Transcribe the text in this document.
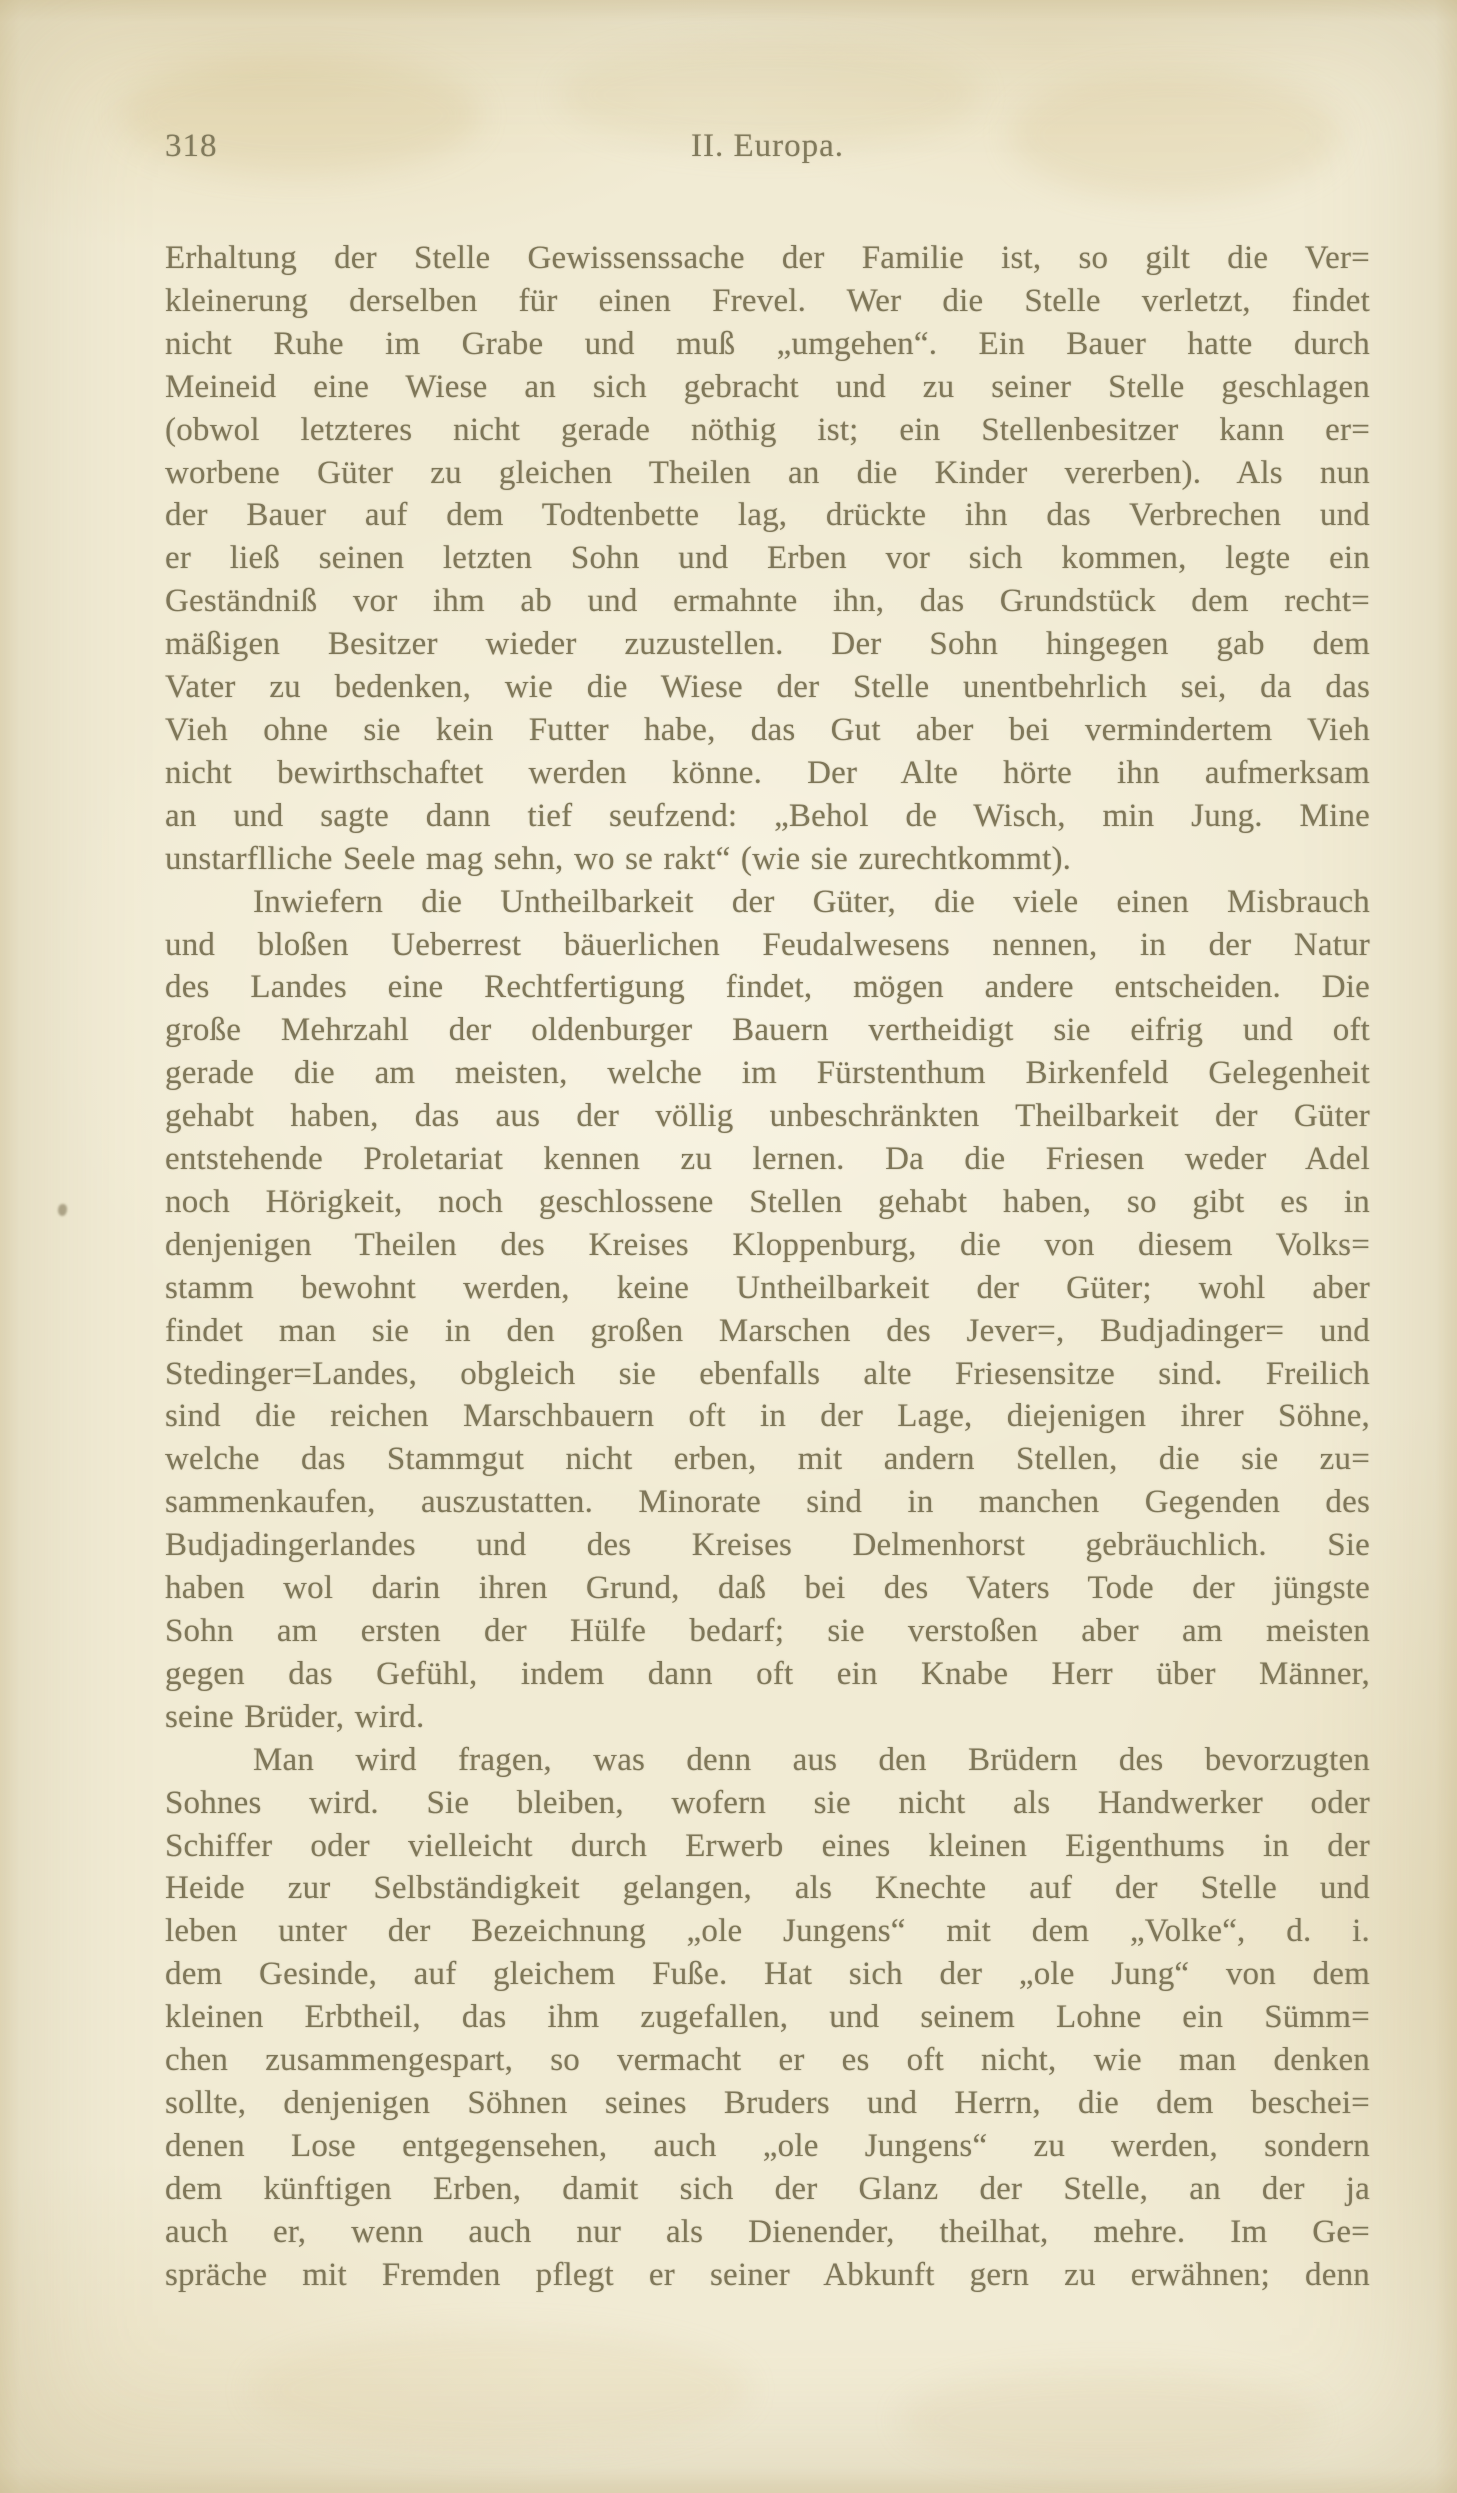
318	II. Europa.
Erhaltung der Stelle Gewissenssache der Familie ist, so gilt die Ver=
kleinerung derselben für einen Frevel. Wer die Stelle verletzt, findet
nicht Ruhe im Grabe und muß „umgehen“. Ein Bauer hatte durch
Meineid eine Wiese an sich gebracht und zu seiner Stelle geschlagen
(obwol letzteres nicht gerade nöthig ist; ein Stellenbesitzer kann er=
worbene Güter zu gleichen Theilen an die Kinder vererben). Als nun
der Bauer auf dem Todtenbette lag, drückte ihn das Verbrechen und
er ließ seinen letzten Sohn und Erben vor sich kommen, legte ein
Geständniß vor ihm ab und ermahnte ihn, das Grundstück dem recht=
mäßigen Besitzer wieder zuzustellen. Der Sohn hingegen gab dem
Vater zu bedenken, wie die Wiese der Stelle unentbehrlich sei, da das
Vieh ohne sie kein Futter habe, das Gut aber bei vermindertem Vieh
nicht bewirthschaftet werden könne. Der Alte hörte ihn aufmerksam
an und sagte dann tief seufzend: „Behol de Wisch, min Jung. Mine
unstarflliche Seele mag sehn, wo se rakt“ (wie sie zurechtkommt).
Inwiefern die Untheilbarkeit der Güter, die viele einen Misbrauch
und bloßen Ueberrest bäuerlichen Feudalwesens nennen, in der Natur
des Landes eine Rechtfertigung findet, mögen andere entscheiden. Die
große Mehrzahl der oldenburger Bauern vertheidigt sie eifrig und oft
gerade die am meisten, welche im Fürstenthum Birkenfeld Gelegenheit
gehabt haben, das aus der völlig unbeschränkten Theilbarkeit der Güter
entstehende Proletariat kennen zu lernen. Da die Friesen weder Adel
noch Hörigkeit, noch geschlossene Stellen gehabt haben, so gibt es in
denjenigen Theilen des Kreises Kloppenburg, die von diesem Volks=
stamm bewohnt werden, keine Untheilbarkeit der Güter; wohl aber
findet man sie in den großen Marschen des Jever=, Budjadinger= und
Stedinger=Landes, obgleich sie ebenfalls alte Friesensitze sind. Freilich
sind die reichen Marschbauern oft in der Lage, diejenigen ihrer Söhne,
welche das Stammgut nicht erben, mit andern Stellen, die sie zu=
sammenkaufen, auszustatten. Minorate sind in manchen Gegenden des
Budjadingerlandes und des Kreises Delmenhorst gebräuchlich. Sie
haben wol darin ihren Grund, daß bei des Vaters Tode der jüngste
Sohn am ersten der Hülfe bedarf; sie verstoßen aber am meisten
gegen das Gefühl, indem dann oft ein Knabe Herr über Männer,
seine Brüder, wird.
Man wird fragen, was denn aus den Brüdern des bevorzugten
Sohnes wird. Sie bleiben, wofern sie nicht als Handwerker oder
Schiffer oder vielleicht durch Erwerb eines kleinen Eigenthums in der
Heide zur Selbständigkeit gelangen, als Knechte auf der Stelle und
leben unter der Bezeichnung „ole Jungens“ mit dem „Volke“, d. i.
dem Gesinde, auf gleichem Fuße. Hat sich der „ole Jung“ von dem
kleinen Erbtheil, das ihm zugefallen, und seinem Lohne ein Sümm=
chen zusammengespart, so vermacht er es oft nicht, wie man denken
sollte, denjenigen Söhnen seines Bruders und Herrn, die dem beschei=
denen Lose entgegensehen, auch „ole Jungens“ zu werden, sondern
dem künftigen Erben, damit sich der Glanz der Stelle, an der ja
auch er, wenn auch nur als Dienender, theilhat, mehre. Im Ge=
spräche mit Fremden pflegt er seiner Abkunft gern zu erwähnen; denn
